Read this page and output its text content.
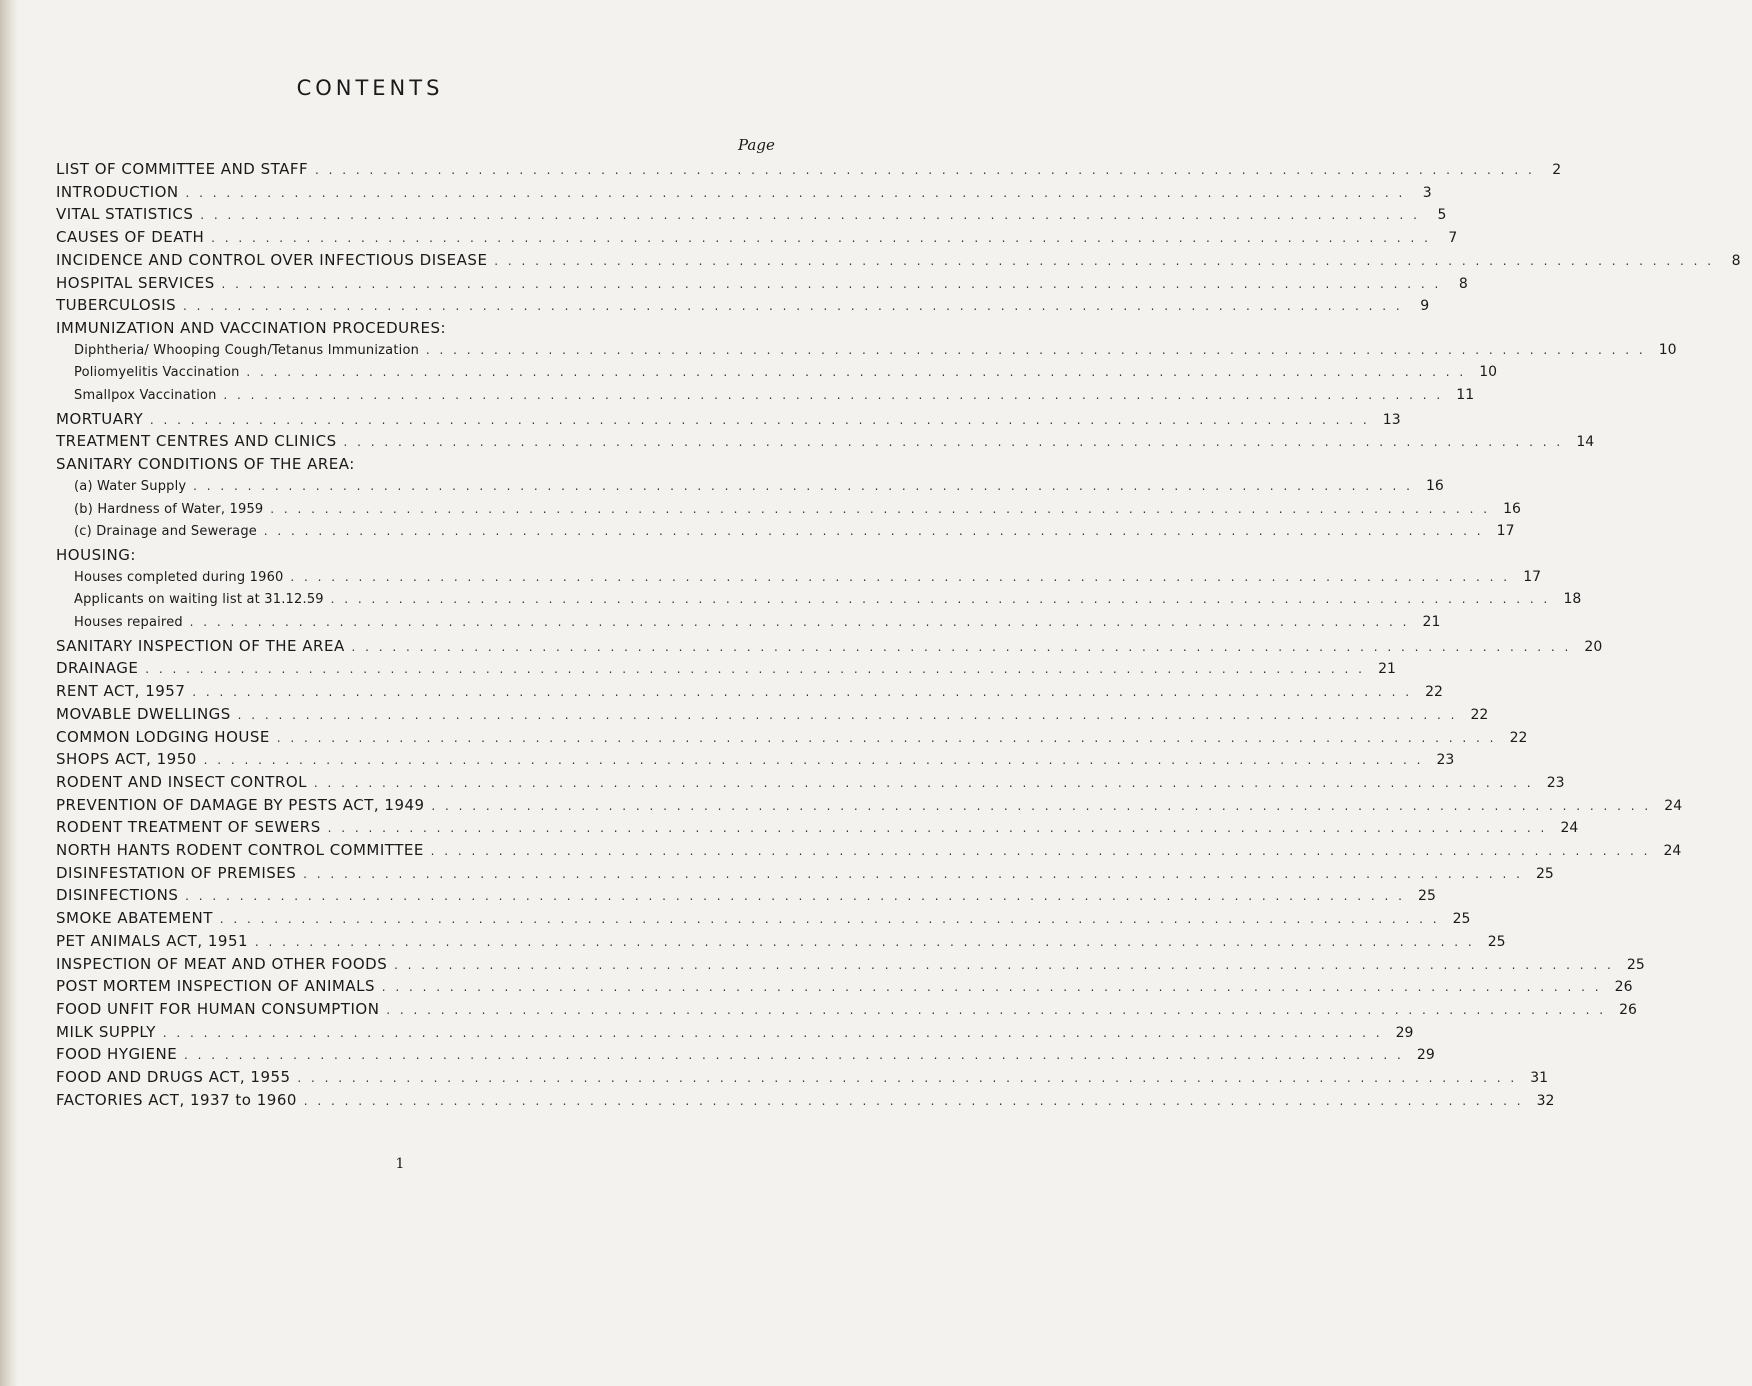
CONTENTS
Page
LIST OF COMMITTEE AND STAFF . . . . . . . . . . . . . . . . . . . . . . . . . . . . . . . . . . . . . . . . . . . . . . . . . . . . . . . . . . . . . . . . . . . . . . . . . . . . . . . . . . . . . . . . . .	2
INTRODUCTION . . . . . . . . . . . . . . . . . . . . . . . . . . . . . . . . . . . . . . . . . . . . . . . . . . . . . . . . . . . . . . . . . . . . . . . . . . . . . . . . . . . . . . . . . .	3
VITAL STATISTICS . . . . . . . . . . . . . . . . . . . . . . . . . . . . . . . . . . . . . . . . . . . . . . . . . . . . . . . . . . . . . . . . . . . . . . . . . . . . . . . . . . . . . . . . . .	5
CAUSES OF DEATH . . . . . . . . . . . . . . . . . . . . . . . . . . . . . . . . . . . . . . . . . . . . . . . . . . . . . . . . . . . . . . . . . . . . . . . . . . . . . . . . . . . . . . . . . .	7
INCIDENCE AND CONTROL OVER INFECTIOUS DISEASE . . . . . . . . . . . . . . . . . . . . . . . . . . . . . . . . . . . . . . . . . . . . . . . . . . . . . . . . . . . . . . . . . . . . . . . . . . . . . . . . . . . . . . . . . .	8
HOSPITAL SERVICES . . . . . . . . . . . . . . . . . . . . . . . . . . . . . . . . . . . . . . . . . . . . . . . . . . . . . . . . . . . . . . . . . . . . . . . . . . . . . . . . . . . . . . . . . .	8
TUBERCULOSIS . . . . . . . . . . . . . . . . . . . . . . . . . . . . . . . . . . . . . . . . . . . . . . . . . . . . . . . . . . . . . . . . . . . . . . . . . . . . . . . . . . . . . . . . . .	9
IMMUNIZATION AND VACCINATION PROCEDURES:
Diphtheria/ Whooping Cough/Tetanus Immunization . . . . . . . . . . . . . . . . . . . . . . . . . . . . . . . . . . . . . . . . . . . . . . . . . . . . . . . . . . . . . . . . . . . . . . . . . . . . . . . . . . . . . . . . . . 10
Poliomyelitis Vaccination . . . . . . . . . . . . . . . . . . . . . . . . . . . . . . . . . . . . . . . . . . . . . . . . . . . . . . . . . . . . . . . . . . . . . . . . . . . . . . . . . . . . . . . . . . 10
Smallpox Vaccination . . . . . . . . . . . . . . . . . . . . . . . . . . . . . . . . . . . . . . . . . . . . . . . . . . . . . . . . . . . . . . . . . . . . . . . . . . . . . . . . . . . . . . . . . . 11
MORTUARY . . . . . . . . . . . . . . . . . . . . . . . . . . . . . . . . . . . . . . . . . . . . . . . . . . . . . . . . . . . . . . . . . . . . . . . . . . . . . . . . . . . . . . . . . . 13
TREATMENT CENTRES AND CLINICS . . . . . . . . . . . . . . . . . . . . . . . . . . . . . . . . . . . . . . . . . . . . . . . . . . . . . . . . . . . . . . . . . . . . . . . . . . . . . . . . . . . . . . . . . . 14
SANITARY CONDITIONS OF THE AREA:
(a) Water Supply . . . . . . . . . . . . . . . . . . . . . . . . . . . . . . . . . . . . . . . . . . . . . . . . . . . . . . . . . . . . . . . . . . . . . . . . . . . . . . . . . . . . . . . . . . 16
(b) Hardness of Water, 1959 . . . . . . . . . . . . . . . . . . . . . . . . . . . . . . . . . . . . . . . . . . . . . . . . . . . . . . . . . . . . . . . . . . . . . . . . . . . . . . . . . . . . . . . . . . 16
(c) Drainage and Sewerage . . . . . . . . . . . . . . . . . . . . . . . . . . . . . . . . . . . . . . . . . . . . . . . . . . . . . . . . . . . . . . . . . . . . . . . . . . . . . . . . . . . . . . . . . . 17
HOUSING:
Houses completed during 1960 . . . . . . . . . . . . . . . . . . . . . . . . . . . . . . . . . . . . . . . . . . . . . . . . . . . . . . . . . . . . . . . . . . . . . . . . . . . . . . . . . . . . . . . . . . 17
Applicants on waiting list at 31.12.59 . . . . . . . . . . . . . . . . . . . . . . . . . . . . . . . . . . . . . . . . . . . . . . . . . . . . . . . . . . . . . . . . . . . . . . . . . . . . . . . . . . . . . . . . . . 18
Houses repaired . . . . . . . . . . . . . . . . . . . . . . . . . . . . . . . . . . . . . . . . . . . . . . . . . . . . . . . . . . . . . . . . . . . . . . . . . . . . . . . . . . . . . . . . . . 21
SANITARY INSPECTION OF THE AREA . . . . . . . . . . . . . . . . . . . . . . . . . . . . . . . . . . . . . . . . . . . . . . . . . . . . . . . . . . . . . . . . . . . . . . . . . . . . . . . . . . . . . . . . . . 20
DRAINAGE . . . . . . . . . . . . . . . . . . . . . . . . . . . . . . . . . . . . . . . . . . . . . . . . . . . . . . . . . . . . . . . . . . . . . . . . . . . . . . . . . . . . . . . . . . 21
RENT ACT, 1957 . . . . . . . . . . . . . . . . . . . . . . . . . . . . . . . . . . . . . . . . . . . . . . . . . . . . . . . . . . . . . . . . . . . . . . . . . . . . . . . . . . . . . . . . . . 22
MOVABLE DWELLINGS . . . . . . . . . . . . . . . . . . . . . . . . . . . . . . . . . . . . . . . . . . . . . . . . . . . . . . . . . . . . . . . . . . . . . . . . . . . . . . . . . . . . . . . . . . 22
COMMON LODGING HOUSE . . . . . . . . . . . . . . . . . . . . . . . . . . . . . . . . . . . . . . . . . . . . . . . . . . . . . . . . . . . . . . . . . . . . . . . . . . . . . . . . . . . . . . . . . . 22
SHOPS ACT, 1950 . . . . . . . . . . . . . . . . . . . . . . . . . . . . . . . . . . . . . . . . . . . . . . . . . . . . . . . . . . . . . . . . . . . . . . . . . . . . . . . . . . . . . . . . . . 23
RODENT AND INSECT CONTROL . . . . . . . . . . . . . . . . . . . . . . . . . . . . . . . . . . . . . . . . . . . . . . . . . . . . . . . . . . . . . . . . . . . . . . . . . . . . . . . . . . . . . . . . . . 23
PREVENTION OF DAMAGE BY PESTS ACT, 1949 . . . . . . . . . . . . . . . . . . . . . . . . . . . . . . . . . . . . . . . . . . . . . . . . . . . . . . . . . . . . . . . . . . . . . . . . . . . . . . . . . . . . . . . . . . 24
RODENT TREATMENT OF SEWERS . . . . . . . . . . . . . . . . . . . . . . . . . . . . . . . . . . . . . . . . . . . . . . . . . . . . . . . . . . . . . . . . . . . . . . . . . . . . . . . . . . . . . . . . . . 24
NORTH HANTS RODENT CONTROL COMMITTEE . . . . . . . . . . . . . . . . . . . . . . . . . . . . . . . . . . . . . . . . . . . . . . . . . . . . . . . . . . . . . . . . . . . . . . . . . . . . . . . . . . . . . . . . . . 24
DISINFESTATION OF PREMISES . . . . . . . . . . . . . . . . . . . . . . . . . . . . . . . . . . . . . . . . . . . . . . . . . . . . . . . . . . . . . . . . . . . . . . . . . . . . . . . . . . . . . . . . . . 25
DISINFECTIONS . . . . . . . . . . . . . . . . . . . . . . . . . . . . . . . . . . . . . . . . . . . . . . . . . . . . . . . . . . . . . . . . . . . . . . . . . . . . . . . . . . . . . . . . . . 25
SMOKE ABATEMENT . . . . . . . . . . . . . . . . . . . . . . . . . . . . . . . . . . . . . . . . . . . . . . . . . . . . . . . . . . . . . . . . . . . . . . . . . . . . . . . . . . . . . . . . . . 25
PET ANIMALS ACT, 1951 . . . . . . . . . . . . . . . . . . . . . . . . . . . . . . . . . . . . . . . . . . . . . . . . . . . . . . . . . . . . . . . . . . . . . . . . . . . . . . . . . . . . . . . . . . 25
INSPECTION OF MEAT AND OTHER FOODS . . . . . . . . . . . . . . . . . . . . . . . . . . . . . . . . . . . . . . . . . . . . . . . . . . . . . . . . . . . . . . . . . . . . . . . . . . . . . . . . . . . . . . . . . . 25
POST MORTEM INSPECTION OF ANIMALS . . . . . . . . . . . . . . . . . . . . . . . . . . . . . . . . . . . . . . . . . . . . . . . . . . . . . . . . . . . . . . . . . . . . . . . . . . . . . . . . . . . . . . . . . . 26
FOOD UNFIT FOR HUMAN CONSUMPTION . . . . . . . . . . . . . . . . . . . . . . . . . . . . . . . . . . . . . . . . . . . . . . . . . . . . . . . . . . . . . . . . . . . . . . . . . . . . . . . . . . . . . . . . . . 26
MILK SUPPLY . . . . . . . . . . . . . . . . . . . . . . . . . . . . . . . . . . . . . . . . . . . . . . . . . . . . . . . . . . . . . . . . . . . . . . . . . . . . . . . . . . . . . . . . . . 29
FOOD HYGIENE . . . . . . . . . . . . . . . . . . . . . . . . . . . . . . . . . . . . . . . . . . . . . . . . . . . . . . . . . . . . . . . . . . . . . . . . . . . . . . . . . . . . . . . . . . 29
FOOD AND DRUGS ACT, 1955 . . . . . . . . . . . . . . . . . . . . . . . . . . . . . . . . . . . . . . . . . . . . . . . . . . . . . . . . . . . . . . . . . . . . . . . . . . . . . . . . . . . . . . . . . . 31
FACTORIES ACT, 1937 to 1960 . . . . . . . . . . . . . . . . . . . . . . . . . . . . . . . . . . . . . . . . . . . . . . . . . . . . . . . . . . . . . . . . . . . . . . . . . . . . . . . . . . . . . . . . . . 32
1
